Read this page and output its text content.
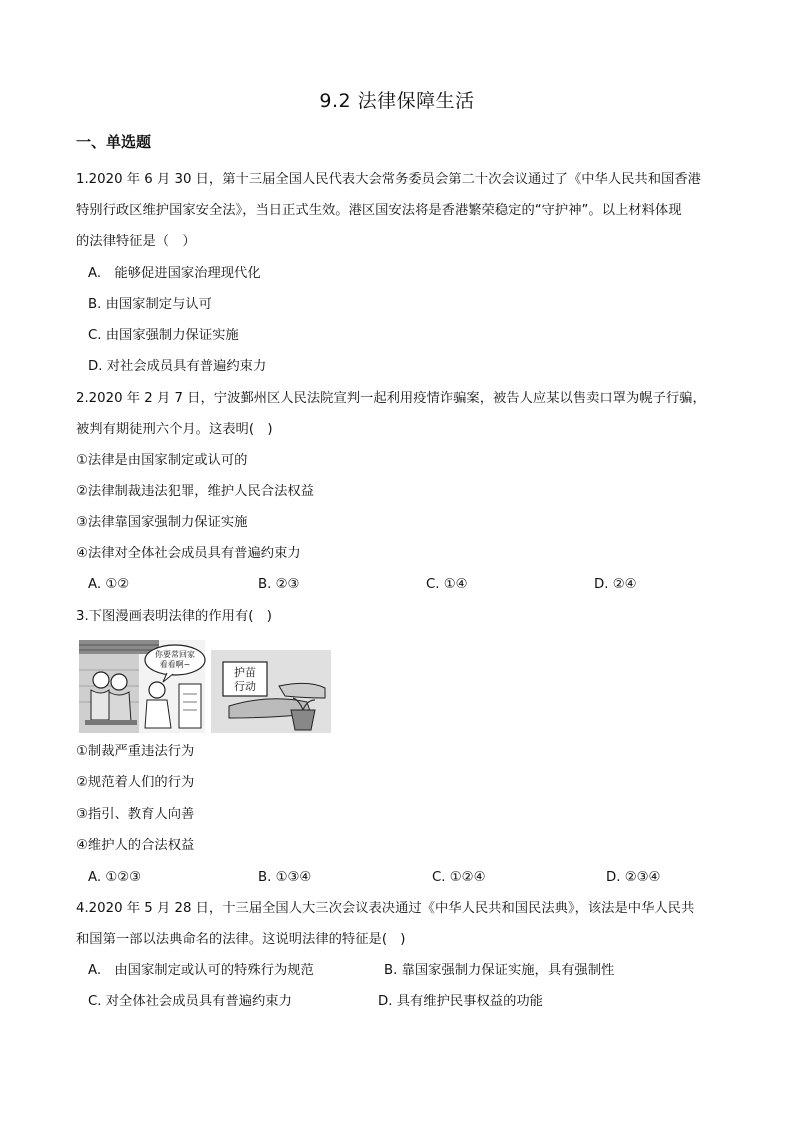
9.2 法律保障生活
一、单选题
1.2020 年 6 月 30 日，第十三届全国人民代表大会常务委员会第二十次会议通过了《中华人民共和国香港
特别行政区维护国家安全法》，当日正式生效。港区国安法将是香港繁荣稳定的“守护神”。以上材料体现
的法律特征是（　）
A.　能够促进国家治理现代化
B. 由国家制定与认可
C. 由国家强制力保证实施
D. 对社会成员具有普遍约束力
2.2020 年 2 月 7 日，宁波鄞州区人民法院宣判一起利用疫情诈骗案，被告人应某以售卖口罩为幌子行骗，
被判有期徒刑六个月。这表明(　)
①法律是由国家制定或认可的
②法律制裁违法犯罪，维护人民合法权益
③法律靠国家强制力保证实施
④法律对全体社会成员具有普遍约束力
A. ①②	B. ②③	C. ①④	D. ②④
3.下图漫画表明法律的作用有(　)
你要常回家
看看啊~
护苗
行动
①制裁严重违法行为
②规范着人们的行为
③指引、教育人向善
④维护人的合法权益
A. ①②③	B. ①③④	C. ①②④	D. ②③④
4.2020 年 5 月 28 日，十三届全国人大三次会议表决通过《中华人民共和国民法典》，该法是中华人民共
和国第一部以法典命名的法律。这说明法律的特征是(　)
A.　由国家制定或认可的特殊行为规范	B. 靠国家强制力保证实施，具有强制性
C. 对全体社会成员具有普遍约束力	D. 具有维护民事权益的功能
